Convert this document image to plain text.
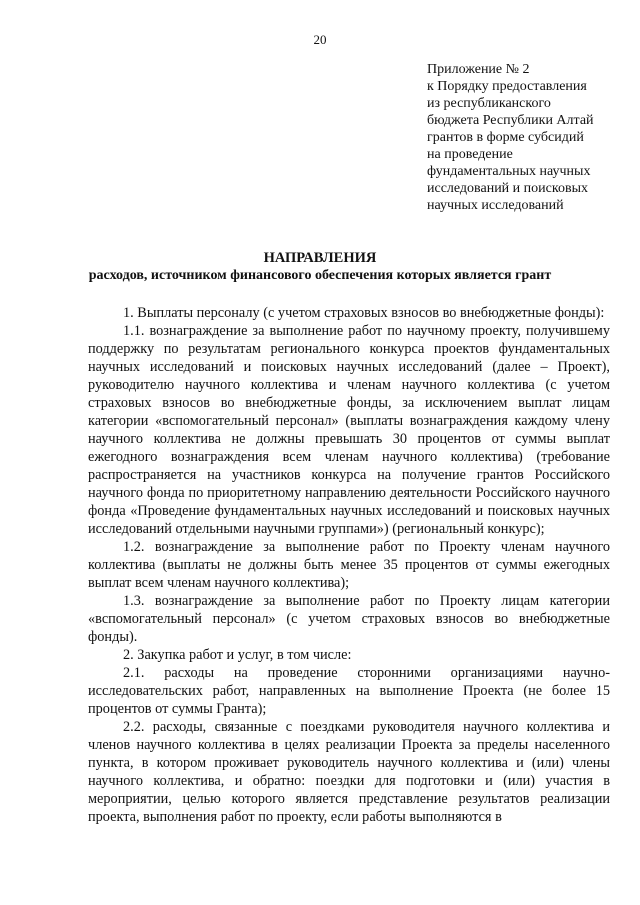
20
Приложение № 2
к Порядку предоставления
из республиканского
бюджета Республики Алтай
грантов в форме субсидий
на проведение
фундаментальных научных
исследований и поисковых
научных исследований
НАПРАВЛЕНИЯ
расходов, источником финансового обеспечения которых является грант

1. Выплаты персоналу (с учетом страховых взносов во внебюджетные фонды):

1.1. вознаграждение за выполнение работ по научному проекту, получившему поддержку по результатам регионального конкурса проектов фундаментальных научных исследований и поисковых научных исследований (далее – Проект), руководителю научного коллектива и членам научного коллектива (с учетом страховых взносов во внебюджетные фонды, за исключением выплат лицам категории «вспомогательный персонал» (выплаты вознаграждения каждому члену научного коллектива не должны превышать 30 процентов от суммы выплат ежегодного вознаграждения всем членам научного коллектива) (требование распространяется на участников конкурса на получение грантов Российского научного фонда по приоритетному направлению деятельности Российского научного фонда «Проведение фундаментальных научных исследований и поисковых научных исследований отдельными научными группами») (региональный конкурс);

1.2. вознаграждение за выполнение работ по Проекту членам научного коллектива (выплаты не должны быть менее 35 процентов от суммы ежегодных выплат всем членам научного коллектива);

1.3. вознаграждение за выполнение работ по Проекту лицам категории «вспомогательный персонал» (с учетом страховых взносов во внебюджетные фонды).

2. Закупка работ и услуг, в том числе:

2.1. расходы на проведение сторонними организациями научно-исследовательских работ, направленных на выполнение Проекта (не более 15 процентов от суммы Гранта);

2.2. расходы, связанные с поездками руководителя научного коллектива и членов научного коллектива в целях реализации Проекта за пределы населенного пункта, в котором проживает руководитель научного коллектива и (или) члены научного коллектива, и обратно: поездки для подготовки и (или) участия в мероприятии, целью которого является представление результатов реализации проекта, выполнения работ по проекту, если работы выполняются в
